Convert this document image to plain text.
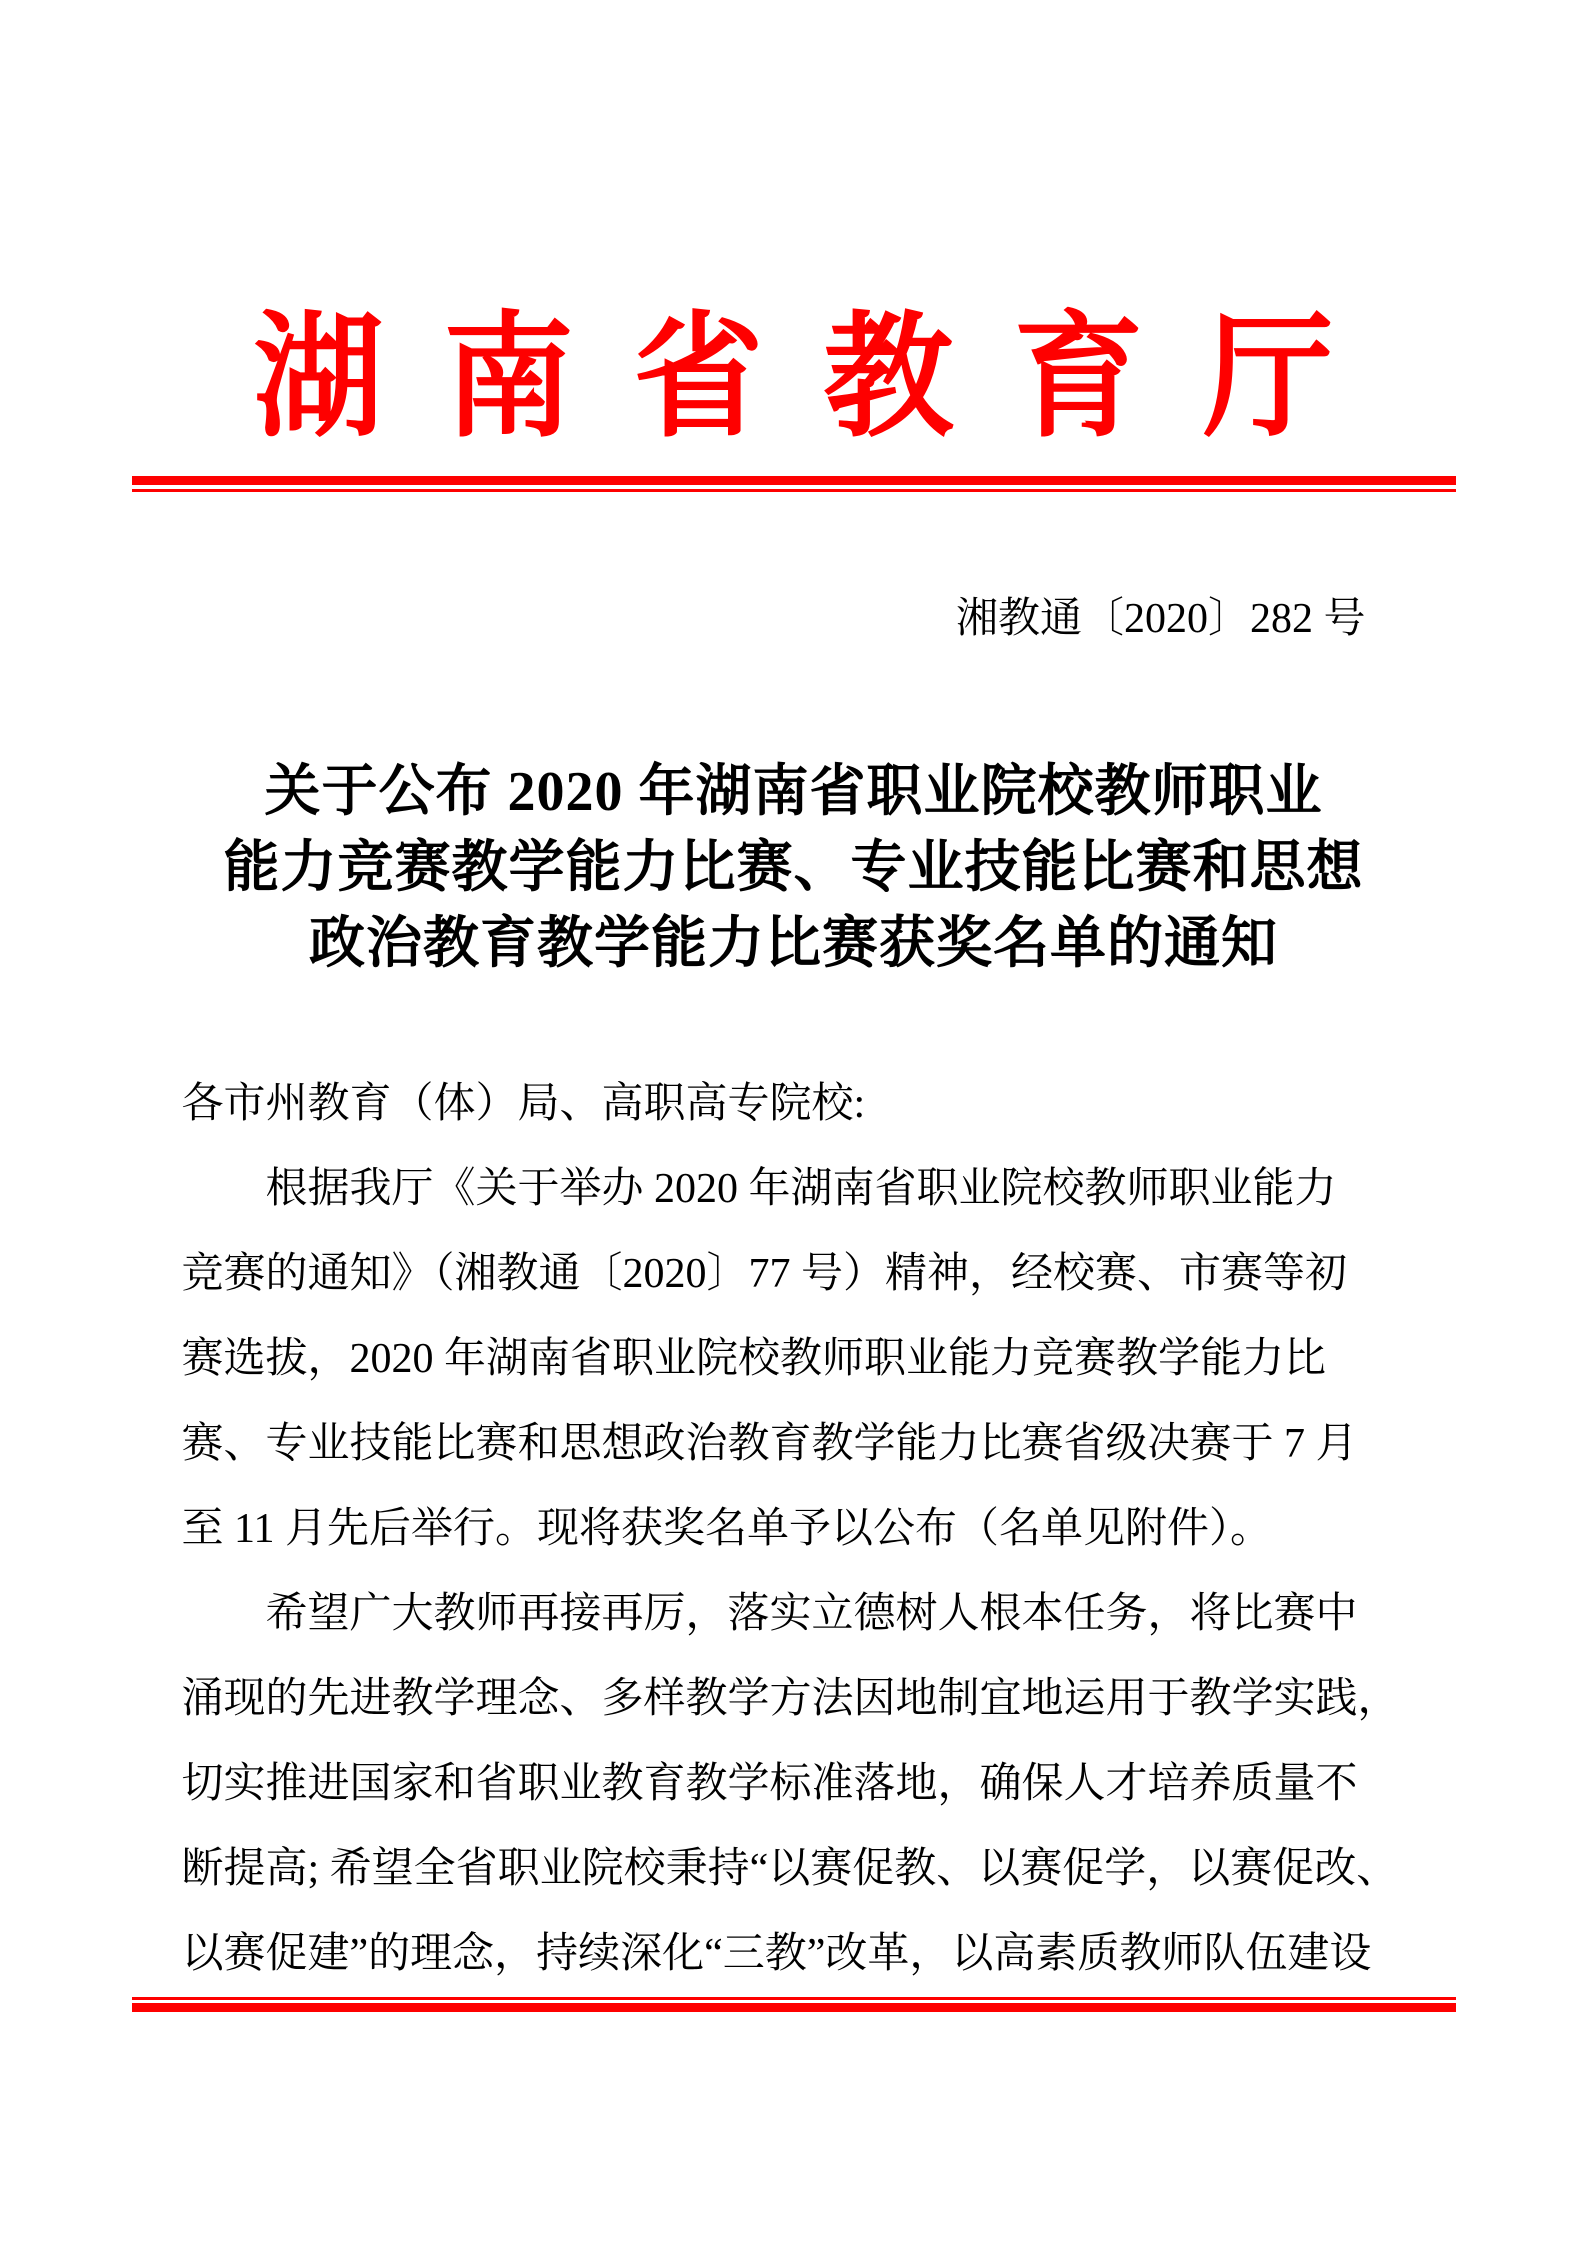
湖 南 省 教 育 厅
湘教通〔2020〕282 号
关于公布 2020 年湖南省职业院校教师职业
能力竞赛教学能力比赛、专业技能比赛和思想
政治教育教学能力比赛获奖名单的通知

各市州教育（体）局、高职高专院校:

根据我厅《关于举办 2020 年湖南省职业院校教师职业能力

竞赛的通知》（湘教通〔2020〕77 号）精神，经校赛、市赛等初

赛选拔，2020 年湖南省职业院校教师职业能力竞赛教学能力比

赛、专业技能比赛和思想政治教育教学能力比赛省级决赛于 7 月

至 11 月先后举行。现将获奖名单予以公布（名单见附件）。

希望广大教师再接再厉，落实立德树人根本任务，将比赛中

涌现的先进教学理念、多样教学方法因地制宜地运用于教学实践，

切实推进国家和省职业教育教学标准落地，确保人才培养质量不

断提高; 希望全省职业院校秉持“以赛促教、以赛促学，以赛促改、

以赛促建”的理念，持续深化“三教”改革，以高素质教师队伍建设
